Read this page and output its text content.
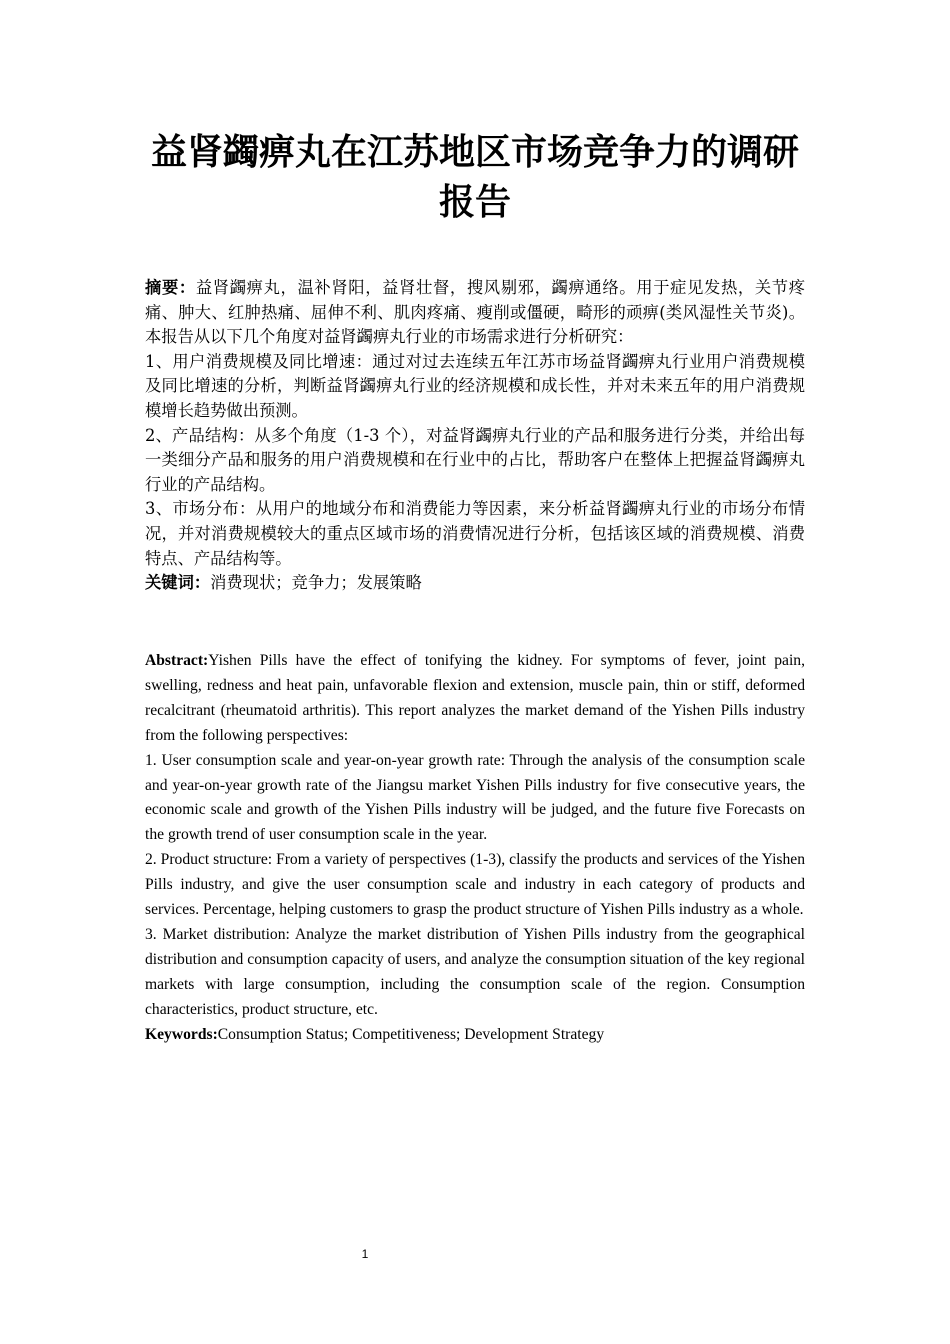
益肾蠲痹丸在江苏地区市场竞争力的调研报告

摘要：益肾蠲痹丸，温补肾阳，益肾壮督，搜风剔邪，蠲痹通络。用于症见发热，关节疼痛、肿大、红肿热痛、屈伸不利、肌肉疼痛、瘦削或僵硬，畸形的顽痹(类风湿性关节炎)。本报告从以下几个角度对益肾蠲痹丸行业的市场需求进行分析研究：

1、用户消费规模及同比增速：通过对过去连续五年江苏市场益肾蠲痹丸行业用户消费规模及同比增速的分析，判断益肾蠲痹丸行业的经济规模和成长性，并对未来五年的用户消费规模增长趋势做出预测。

2、产品结构：从多个角度（1-3 个），对益肾蠲痹丸行业的产品和服务进行分类，并给出每一类细分产品和服务的用户消费规模和在行业中的占比，帮助客户在整体上把握益肾蠲痹丸行业的产品结构。

3、市场分布：从用户的地域分布和消费能力等因素，来分析益肾蠲痹丸行业的市场分布情况，并对消费规模较大的重点区域市场的消费情况进行分析，包括该区域的消费规模、消费特点、产品结构等。

关键词：消费现状；竞争力；发展策略

Abstract:Yishen Pills have the effect of tonifying the kidney. For symptoms of fever, joint pain, swelling, redness and heat pain, unfavorable flexion and extension, muscle pain, thin or stiff, deformed recalcitrant (rheumatoid arthritis). This report analyzes the market demand of the Yishen Pills industry from the following perspectives:

1. User consumption scale and year-on-year growth rate: Through the analysis of the consumption scale and year-on-year growth rate of the Jiangsu market Yishen Pills industry for five consecutive years, the economic scale and growth of the Yishen Pills industry will be judged, and the future five Forecasts on the growth trend of user consumption scale in the year.

2. Product structure: From a variety of perspectives (1-3), classify the products and services of the Yishen Pills industry, and give the user consumption scale and industry in each category of products and services. Percentage, helping customers to grasp the product structure of Yishen Pills industry as a whole.

3. Market distribution: Analyze the market distribution of Yishen Pills industry from the geographical distribution and consumption capacity of users, and analyze the consumption situation of the key regional markets with large consumption, including the consumption scale of the region. Consumption characteristics, product structure, etc.

Keywords:Consumption Status; Competitiveness; Development Strategy

1
